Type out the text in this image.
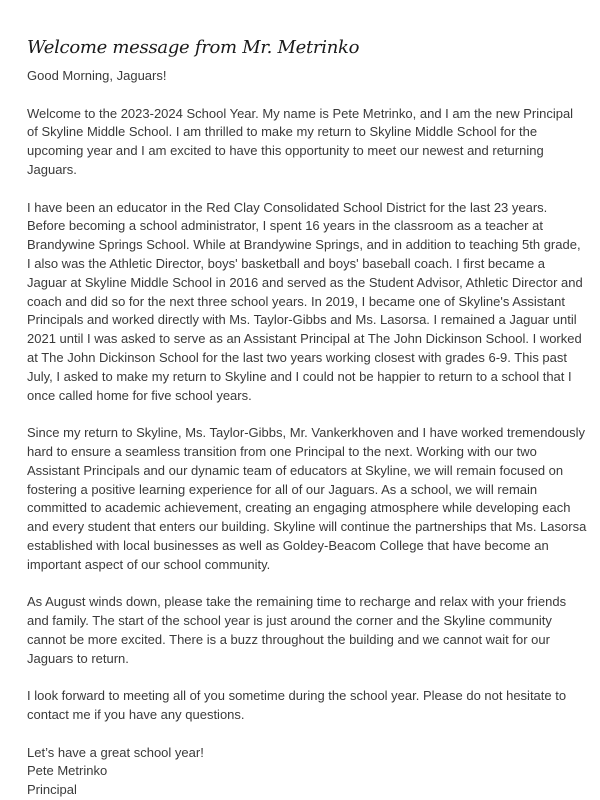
Welcome message from Mr. Metrinko

Good Morning, Jaguars!

Welcome to the 2023-2024 School Year. My name is Pete Metrinko, and I am the new Principal of Skyline Middle School. I am thrilled to make my return to Skyline Middle School for the upcoming year and I am excited to have this opportunity to meet our newest and returning Jaguars.

I have been an educator in the Red Clay Consolidated School District for the last 23 years. Before becoming a school administrator, I spent 16 years in the classroom as a teacher at Brandywine Springs School. While at Brandywine Springs, and in addition to teaching 5th grade, I also was the Athletic Director, boys' basketball and boys' baseball coach. I first became a Jaguar at Skyline Middle School in 2016 and served as the Student Advisor, Athletic Director and coach and did so for the next three school years. In 2019, I became one of Skyline's Assistant Principals and worked directly with Ms. Taylor-Gibbs and Ms. Lasorsa. I remained a Jaguar until 2021 until I was asked to serve as an Assistant Principal at The John Dickinson School. I worked at The John Dickinson School for the last two years working closest with grades 6-9. This past July, I asked to make my return to Skyline and I could not be happier to return to a school that I once called home for five school years.

Since my return to Skyline, Ms. Taylor-Gibbs, Mr. Vankerkhoven and I have worked tremendously hard to ensure a seamless transition from one Principal to the next. Working with our two Assistant Principals and our dynamic team of educators at Skyline, we will remain focused on fostering a positive learning experience for all of our Jaguars. As a school, we will remain committed to academic achievement, creating an engaging atmosphere while developing each and every student that enters our building. Skyline will continue the partnerships that Ms. Lasorsa established with local businesses as well as Goldey-Beacom College that have become an important aspect of our school community.

As August winds down, please take the remaining time to recharge and relax with your friends and family. The start of the school year is just around the corner and the Skyline community cannot be more excited. There is a buzz throughout the building and we cannot wait for our Jaguars to return.

I look forward to meeting all of you sometime during the school year. Please do not hesitate to contact me if you have any questions.

Let’s have a great school year!
Pete Metrinko
Principal
